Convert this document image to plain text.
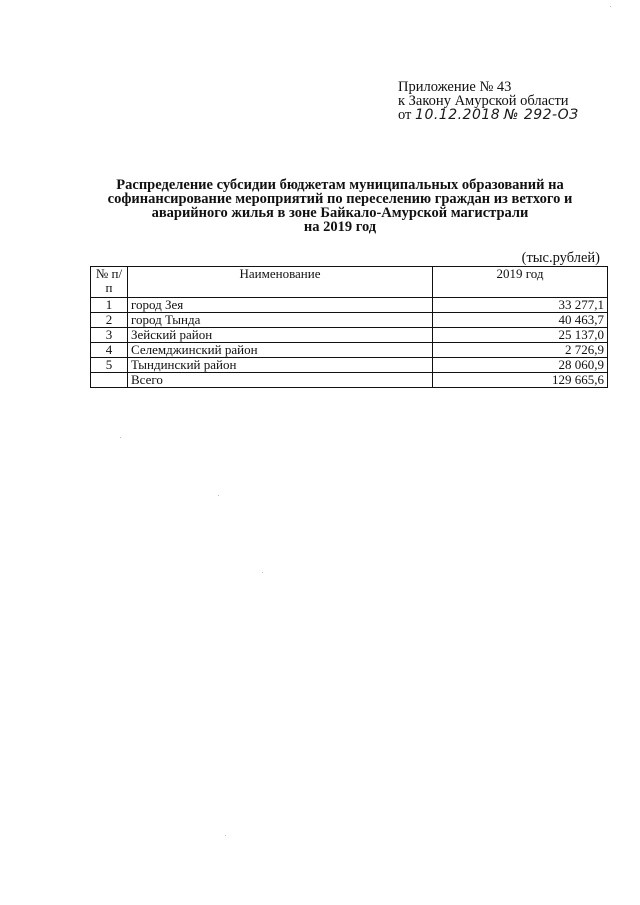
Приложение № 43
к Закону Амурской области
от 10.12.2018 № 292-ОЗ
Распределение субсидии бюджетам муниципальных образований на
софинансирование мероприятий по переселению граждан из ветхого и
аварийного жилья в зоне Байкало-Амурской магистрали
на 2019 год
(тыс.рублей)
№ п/п	Наименование	2019 год
1	город Зея	33 277,1
2	город Тында	40 463,7
3	Зейский район	25 137,0
4	Селемджинский район	2 726,9
5	Тындинский район	28 060,9
	Всего	129 665,6
